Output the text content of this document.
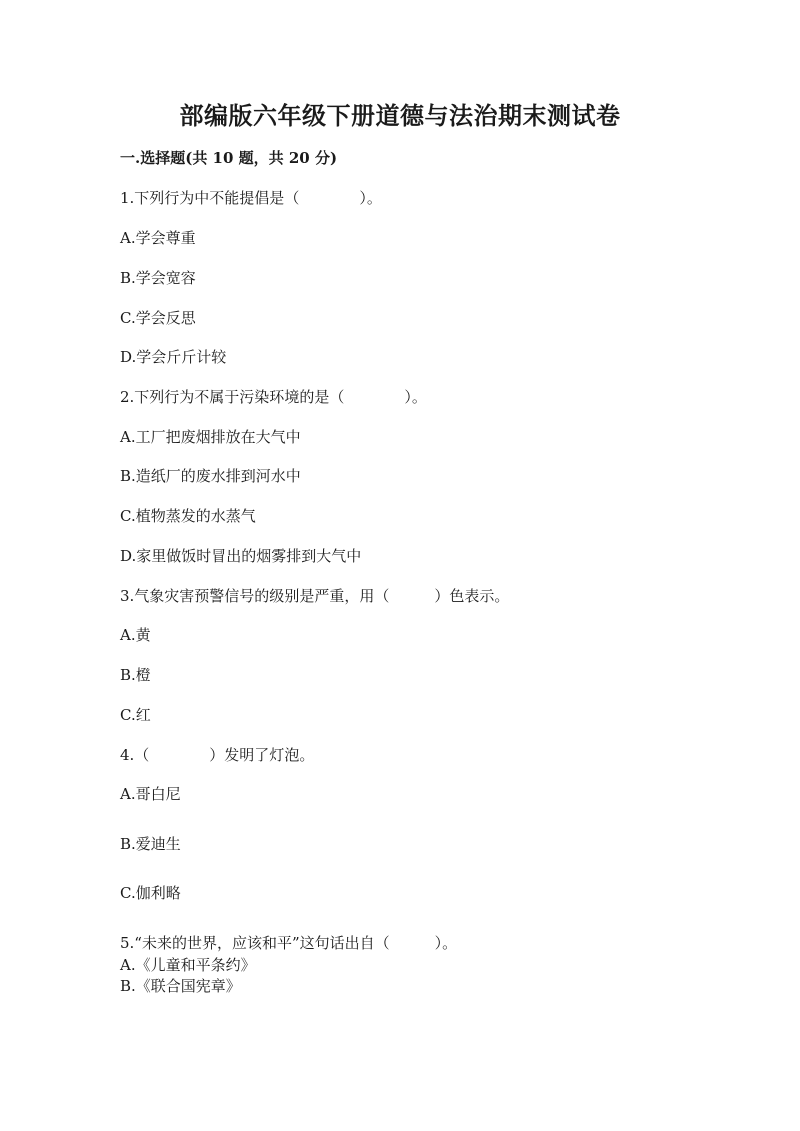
部编版六年级下册道德与法治期末测试卷
一.选择题(共 10 题，共 20 分)
1.下列行为中不能提倡是（　　　　）。
A.学会尊重
B.学会宽容
C.学会反思
D.学会斤斤计较
2.下列行为不属于污染环境的是（　　　　）。
A.工厂把废烟排放在大气中
B.造纸厂的废水排到河水中
C.植物蒸发的水蒸气
D.家里做饭时冒出的烟雾排到大气中
3.气象灾害预警信号的级别是严重，用（　　　）色表示。
A.黄
B.橙
C.红
4.（　　　　）发明了灯泡。
A.哥白尼
B.爱迪生
C.伽利略
5.“未来的世界，应该和平”这句话出自（　　　）。
A.《儿童和平条约》
B.《联合国宪章》
